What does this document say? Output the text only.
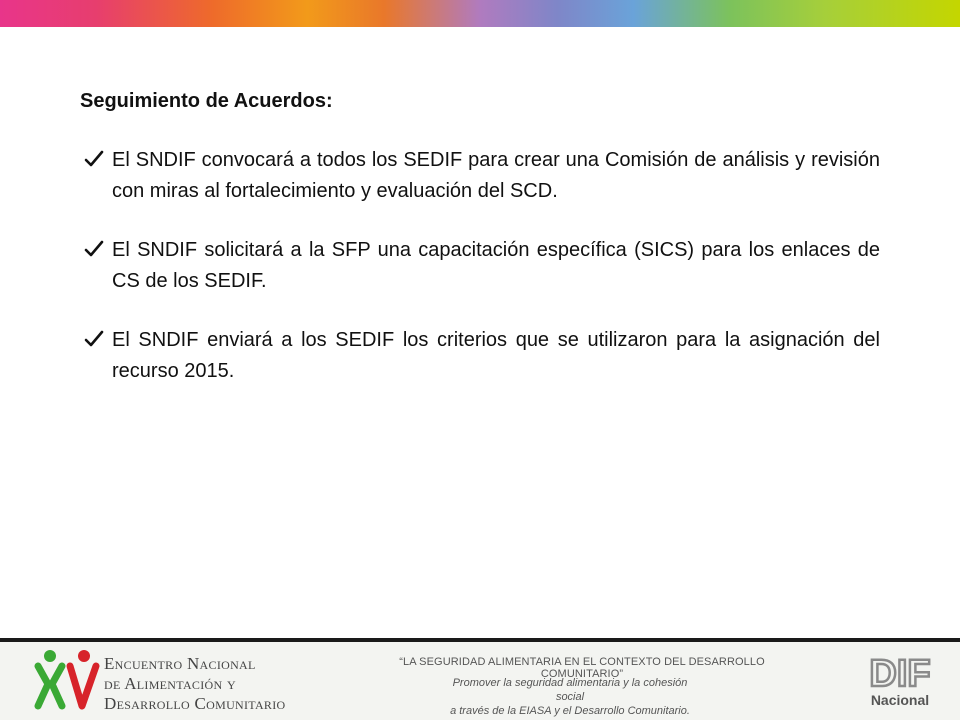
Seguimiento de Acuerdos:
El SNDIF convocará a todos los SEDIF para crear una Comisión de análisis y revisión con miras al fortalecimiento y evaluación del SCD.
El SNDIF solicitará a la SFP una capacitación específica (SICS) para los enlaces de CS de los SEDIF.
El SNDIF enviará a los SEDIF los criterios que se utilizaron para la asignación del recurso 2015.
Encuentro Nacional
de Alimentación y
Desarrollo Comunitario
“LA SEGURIDAD ALIMENTARIA EN EL CONTEXTO DEL DESARROLLO COMUNITARIO”
Promover la seguridad alimentaria y la cohesión social
a través de la EIASA y el Desarrollo Comunitario.
DIF
Nacional
